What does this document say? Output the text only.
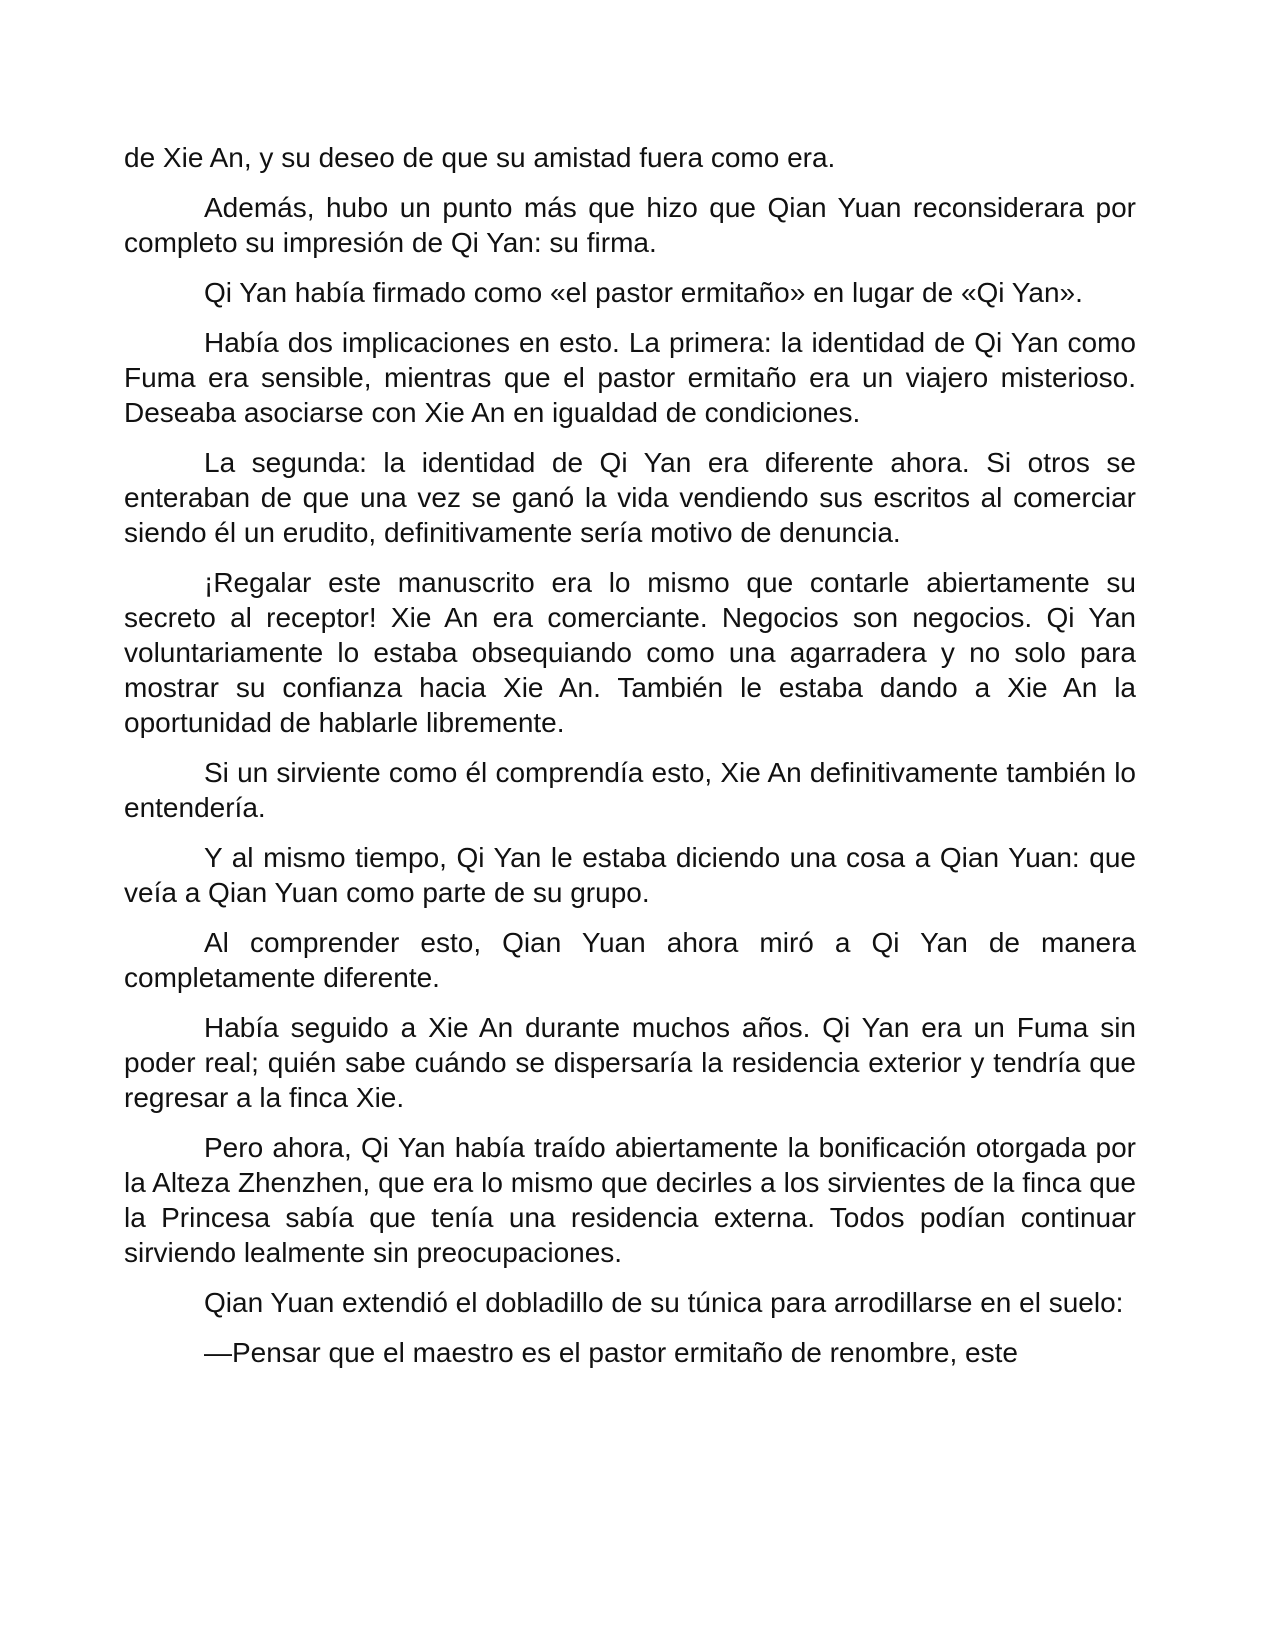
de Xie An, y su deseo de que su amistad fuera como era.

Además, hubo un punto más que hizo que Qian Yuan reconsiderara por completo su impresión de Qi Yan: su firma.

Qi Yan había firmado como «el pastor ermitaño» en lugar de «Qi Yan».

Había dos implicaciones en esto. La primera: la identidad de Qi Yan como Fuma era sensible, mientras que el pastor ermitaño era un viajero misterioso. Deseaba asociarse con Xie An en igualdad de condiciones.

La segunda: la identidad de Qi Yan era diferente ahora. Si otros se enteraban de que una vez se ganó la vida vendiendo sus escritos al comerciar siendo él un erudito, definitivamente sería motivo de denuncia.

¡Regalar este manuscrito era lo mismo que contarle abiertamente su secreto al receptor! Xie An era comerciante. Negocios son negocios. Qi Yan voluntariamente lo estaba obsequiando como una agarradera y no solo para mostrar su confianza hacia Xie An. También le estaba dando a Xie An la oportunidad de hablarle libremente.

Si un sirviente como él comprendía esto, Xie An definitivamente también lo entendería.

Y al mismo tiempo, Qi Yan le estaba diciendo una cosa a Qian Yuan: que veía a Qian Yuan como parte de su grupo.

Al comprender esto, Qian Yuan ahora miró a Qi Yan de manera completamente diferente.

Había seguido a Xie An durante muchos años. Qi Yan era un Fuma sin poder real; quién sabe cuándo se dispersaría la residencia exterior y tendría que regresar a la finca Xie.

Pero ahora, Qi Yan había traído abiertamente la bonificación otorgada por la Alteza Zhenzhen, que era lo mismo que decirles a los sirvientes de la finca que la Princesa sabía que tenía una residencia externa. Todos podían continuar sirviendo lealmente sin preocupaciones.

Qian Yuan extendió el dobladillo de su túnica para arrodillarse en el suelo:

—Pensar que el maestro es el pastor ermitaño de renombre, este
